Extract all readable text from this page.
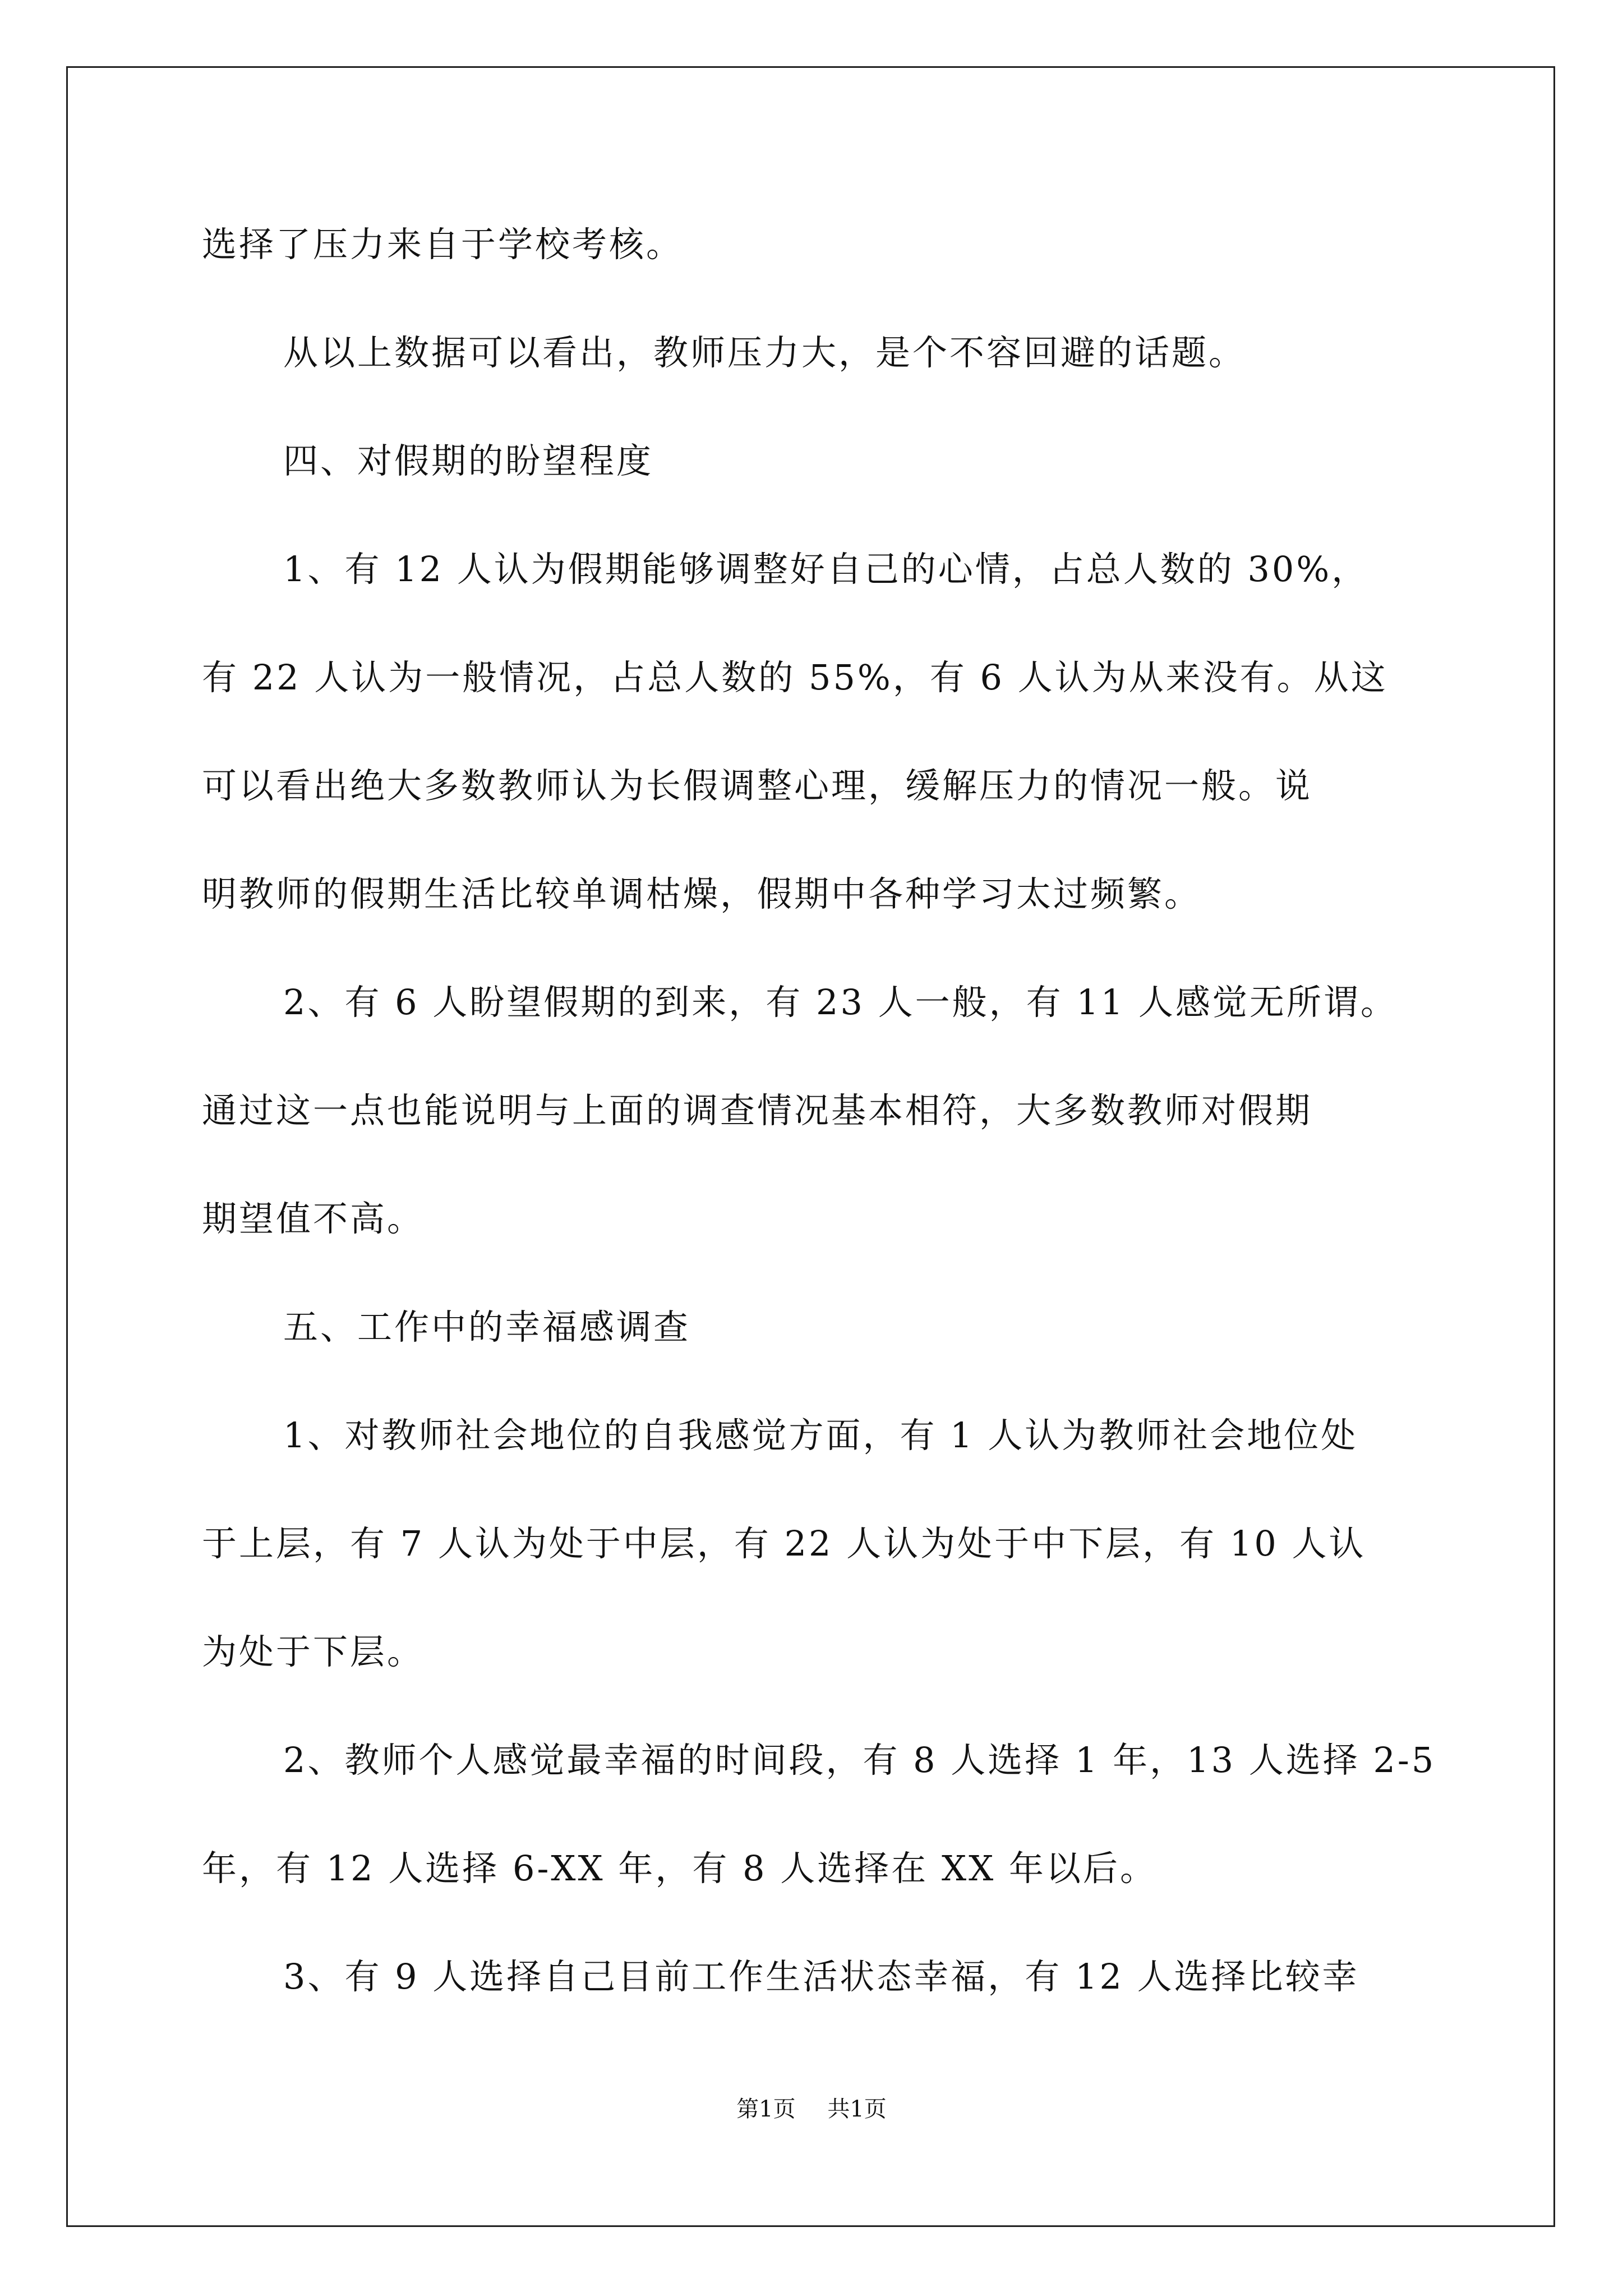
选择了压力来自于学校考核。
从以上数据可以看出，教师压力大，是个不容回避的话题。
四、对假期的盼望程度
1、有 12 人认为假期能够调整好自己的心情，占总人数的 30%，
有 22 人认为一般情况，占总人数的 55%，有 6 人认为从来没有。从这
可以看出绝大多数教师认为长假调整心理，缓解压力的情况一般。说
明教师的假期生活比较单调枯燥，假期中各种学习太过频繁。
2、有 6 人盼望假期的到来，有 23 人一般，有 11 人感觉无所谓。
通过这一点也能说明与上面的调查情况基本相符，大多数教师对假期
期望值不高。
五、工作中的幸福感调查
1、对教师社会地位的自我感觉方面，有 1 人认为教师社会地位处
于上层，有 7 人认为处于中层，有 22 人认为处于中下层，有 10 人认
为处于下层。
2、教师个人感觉最幸福的时间段，有 8 人选择 1 年，13 人选择 2-5
年，有 12 人选择 6-XX 年，有 8 人选择在 XX 年以后。
3、有 9 人选择自己目前工作生活状态幸福，有 12 人选择比较幸
第1页 共1页
